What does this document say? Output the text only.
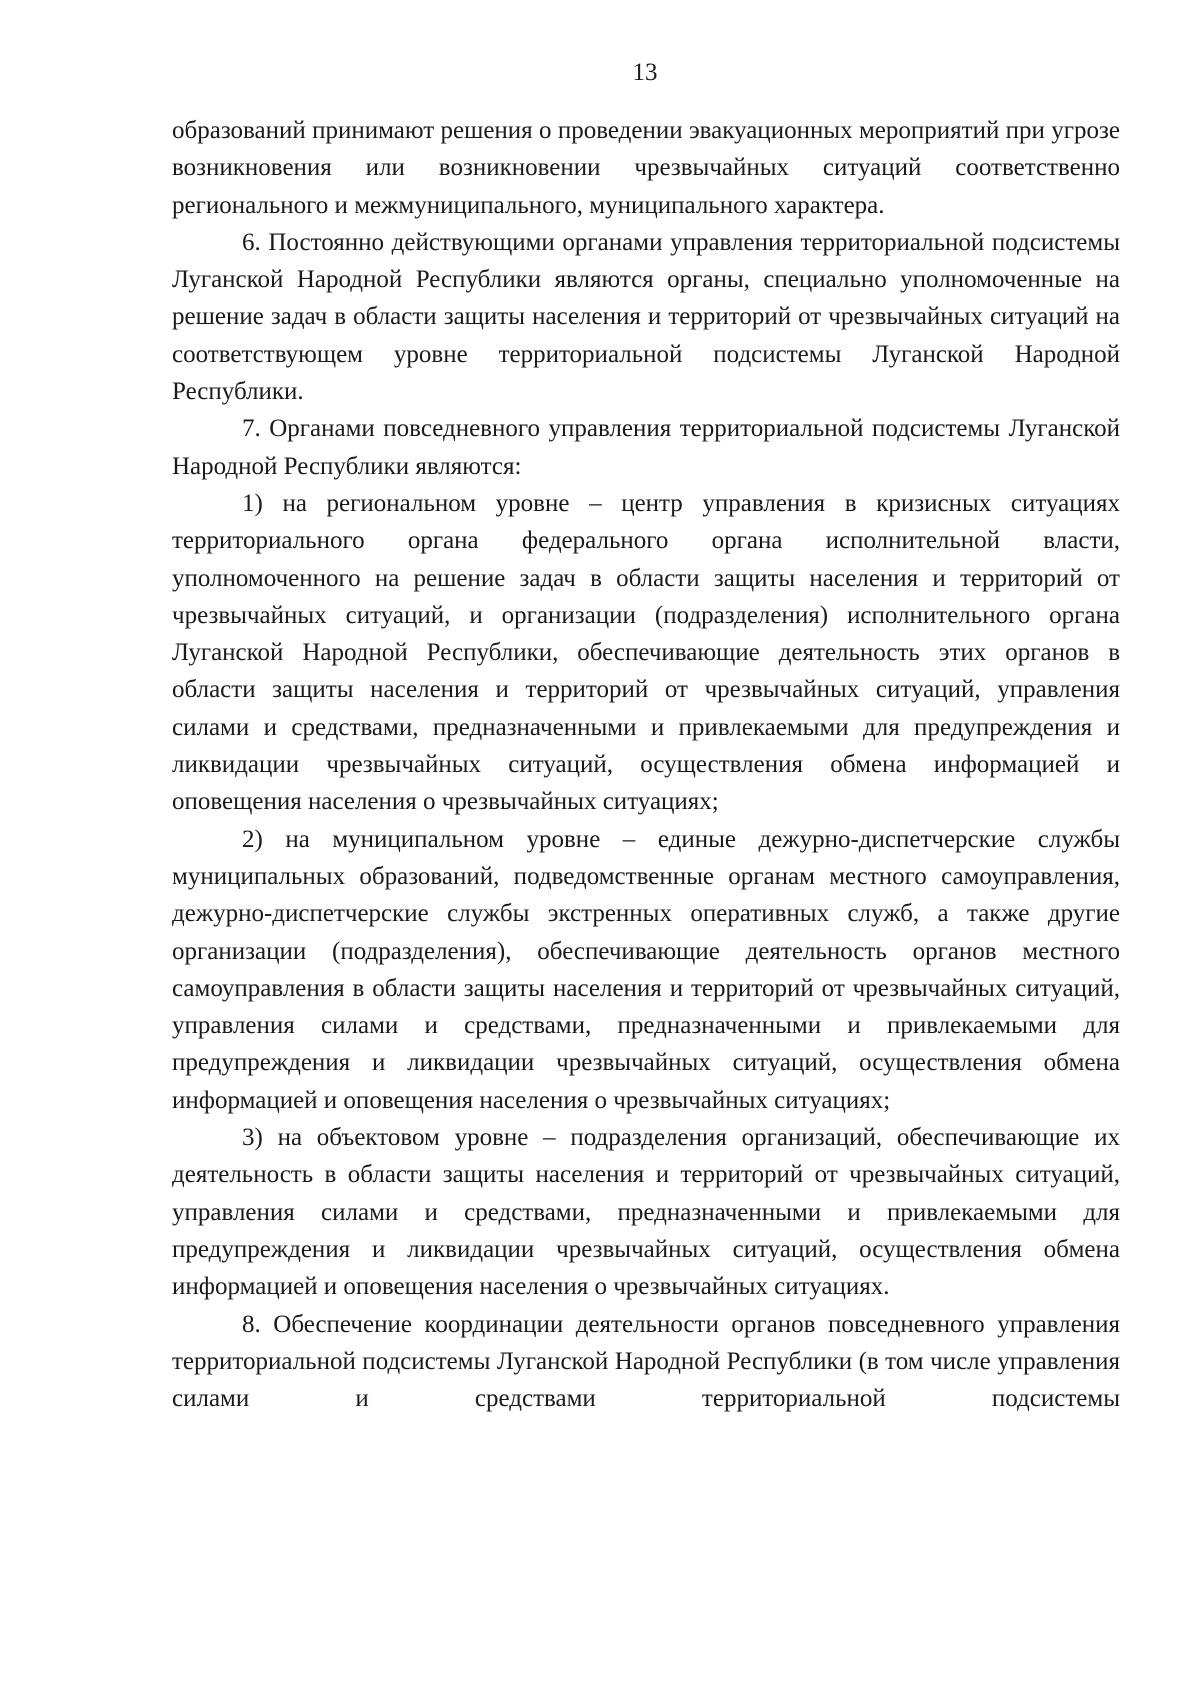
13

образований принимают решения о проведении эвакуационных мероприятий при угрозе возникновения или возникновении чрезвычайных ситуаций соответственно регионального и межмуниципального, муниципального характера.

6. Постоянно действующими органами управления территориальной подсистемы Луганской Народной Республики являются органы, специально уполномоченные на решение задач в области защиты населения и территорий от чрезвычайных ситуаций на соответствующем уровне территориальной подсистемы Луганской Народной Республики.

7. Органами повседневного управления территориальной подсистемы Луганской Народной Республики являются:

1) на региональном уровне – центр управления в кризисных ситуациях территориального органа федерального органа исполнительной власти, уполномоченного на решение задач в области защиты населения и территорий от чрезвычайных ситуаций, и организации (подразделения) исполнительного органа Луганской Народной Республики, обеспечивающие деятельность этих органов в области защиты населения и территорий от чрезвычайных ситуаций, управления силами и средствами, предназначенными и привлекаемыми для предупреждения и ликвидации чрезвычайных ситуаций, осуществления обмена информацией и оповещения населения о чрезвычайных ситуациях;

2) на муниципальном уровне – единые дежурно-диспетчерские службы муниципальных образований, подведомственные органам местного самоуправления, дежурно-диспетчерские службы экстренных оперативных служб, а также другие организации (подразделения), обеспечивающие деятельность органов местного самоуправления в области защиты населения и территорий от чрезвычайных ситуаций, управления силами и средствами, предназначенными и привлекаемыми для предупреждения и ликвидации чрезвычайных ситуаций, осуществления обмена информацией и оповещения населения о чрезвычайных ситуациях;

3) на объектовом уровне – подразделения организаций, обеспечивающие их деятельность в области защиты населения и территорий от чрезвычайных ситуаций, управления силами и средствами, предназначенными и привлекаемыми для предупреждения и ликвидации чрезвычайных ситуаций, осуществления обмена информацией и оповещения населения о чрезвычайных ситуациях.

8. Обеспечение координации деятельности органов повседневного управления территориальной подсистемы Луганской Народной Республики (в том числе управления силами и средствами территориальной подсистемы
